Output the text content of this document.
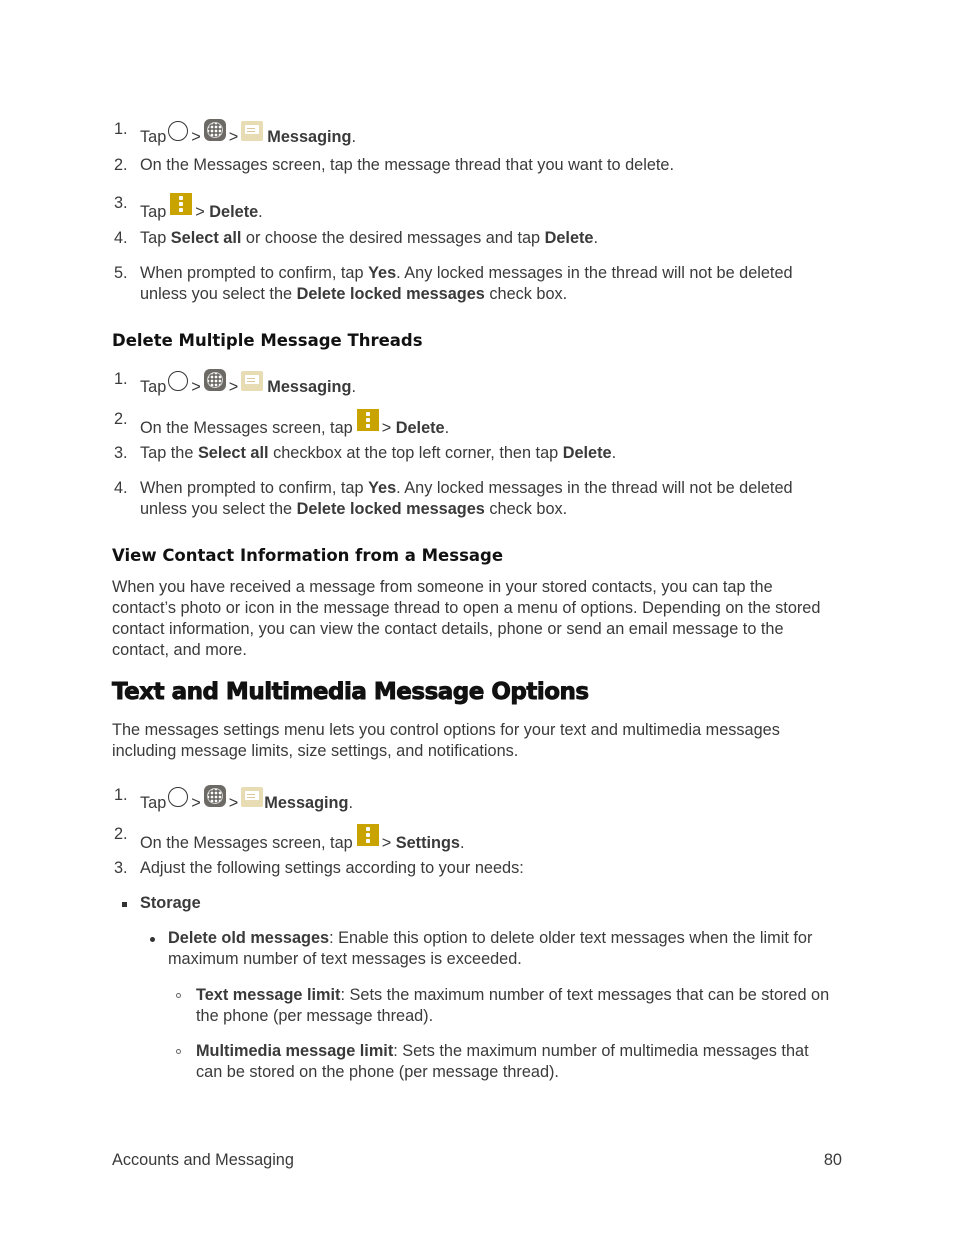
1. Tap > > Messaging.
2. On the Messages screen, tap the message thread that you want to delete.
3. Tap > Delete.
4. Tap Select all or choose the desired messages and tap Delete.
5. When prompted to confirm, tap Yes. Any locked messages in the thread will not be deleted unless you select the Delete locked messages check box.
Delete Multiple Message Threads
1. Tap > > Messaging.
2. On the Messages screen, tap > Delete.
3. Tap the Select all checkbox at the top left corner, then tap Delete.
4. When prompted to confirm, tap Yes. Any locked messages in the thread will not be deleted unless you select the Delete locked messages check box.
View Contact Information from a Message
When you have received a message from someone in your stored contacts, you can tap the contact’s photo or icon in the message thread to open a menu of options. Depending on the stored contact information, you can view the contact details, phone or send an email message to the contact, and more.
Text and Multimedia Message Options
The messages settings menu lets you control options for your text and multimedia messages including message limits, size settings, and notifications.
1. Tap > > Messaging.
2. On the Messages screen, tap > Settings.
3. Adjust the following settings according to your needs:
Storage
Delete old messages: Enable this option to delete older text messages when the limit for maximum number of text messages is exceeded.
Text message limit: Sets the maximum number of text messages that can be stored on the phone (per message thread).
Multimedia message limit: Sets the maximum number of multimedia messages that can be stored on the phone (per message thread).
Accounts and Messaging	80
